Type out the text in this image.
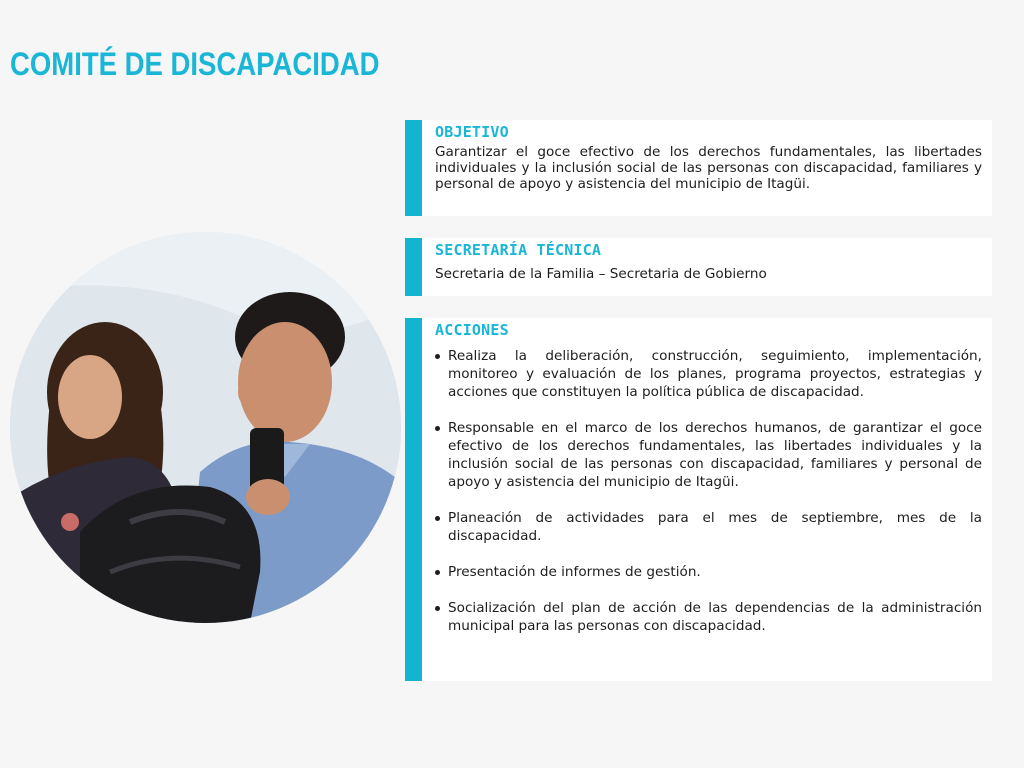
COMITÉ DE DISCAPACIDAD
OBJETIVO

Garantizar el goce efectivo de los derechos fundamentales, las libertades individuales y la inclusión social de las personas con discapacidad, familiares y personal de apoyo y asistencia del municipio de Itagüi.

SECRETARÍA TÉCNICA

Secretaria de la Familia – Secretaria de Gobierno

ACCIONES
Realiza la deliberación, construcción, seguimiento, implementación, monitoreo y evaluación de los planes, programa proyectos, estrategias y acciones que constituyen la política pública de discapacidad.
Responsable en el marco de los derechos humanos, de garantizar el goce efectivo de los derechos fundamentales, las libertades individuales y la inclusión social de las personas con discapacidad, familiares y personal de apoyo y asistencia del municipio de Itagüi.
Planeación de actividades para el mes de septiembre, mes de la discapacidad.
Presentación de informes de gestión.
Socialización del plan de acción de las dependencias de la administración municipal para las personas con discapacidad.
